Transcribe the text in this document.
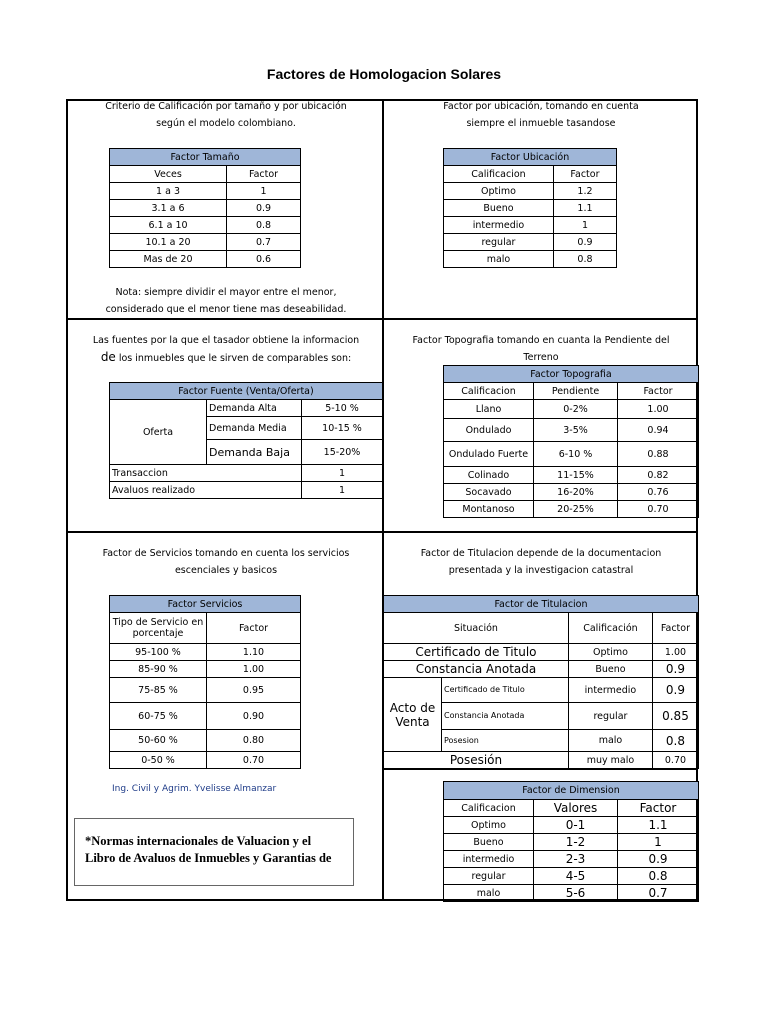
Factores de Homologacion Solares
Criterio de Calificación por tamaño y por ubicación
según el modelo colombiano.
Factor Tamaño	
Veces	Factor
1 a 3	1
3.1 a 6	0.9
6.1 a 10	0.8
10.1 a 20	0.7
Mas de 20	0.6
Nota: siempre dividir el mayor entre el menor,
considerado que el menor tiene mas deseabilidad.
Factor por ubicación, tomando en cuenta
siempre el inmueble tasandose
Factor Ubicación	
Calificacion	Factor
Optimo	1.2
Bueno	1.1
intermedio	1
regular	0.9
malo	0.8
Las fuentes por la que el tasador obtiene la informacion
de los inmuebles que le sirven de comparables son:
Factor Fuente (Venta/Oferta)		
Oferta	Demanda Alta	5-10 %
	Demanda Media	10-15 %
	Demanda Baja	15-20%
Transaccion		1
Avaluos realizado		1
Factor Topografia tomando en cuanta la Pendiente del
Terreno
Factor Topografia		
Calificacion	Pendiente	Factor
Llano	0-2%	1.00
Ondulado	3-5%	0.94
Ondulado Fuerte	6-10 %	0.88
Colinado	11-15%	0.82
Socavado	16-20%	0.76
Montanoso	20-25%	0.70
Factor de Servicios tomando en cuenta los servicios
escenciales y basicos
Factor Servicios	
Tipo de Servicio en porcentaje	Factor
95-100 %	1.10
85-90 %	1.00
75-85 %	0.95
60-75 %	0.90
50-60 %	0.80
0-50 %	0.70
Factor de Titulacion depende de la documentacion
presentada y la investigacion catastral
Factor de Titulacion			
Situación		Calificación	Factor
Certificado de Titulo		Optimo	1.00
Constancia Anotada		Bueno	0.9
Acto de Venta	Certificado de Titulo	intermedio	0.9
	Constancia Anotada	regular	0.85
	Posesion	malo	0.8
Posesión		muy malo	0.70
Factor de Dimension		
Calificacion	Valores	Factor
Optimo	0-1	1.1
Bueno	1-2	1
intermedio	2-3	0.9
regular	4-5	0.8
malo	5-6	0.7
Ing. Civil y Agrim. Yvelisse Almanzar
*Normas internacionales de Valuacion y el
Libro de Avaluos de Inmuebles y Garantias de
